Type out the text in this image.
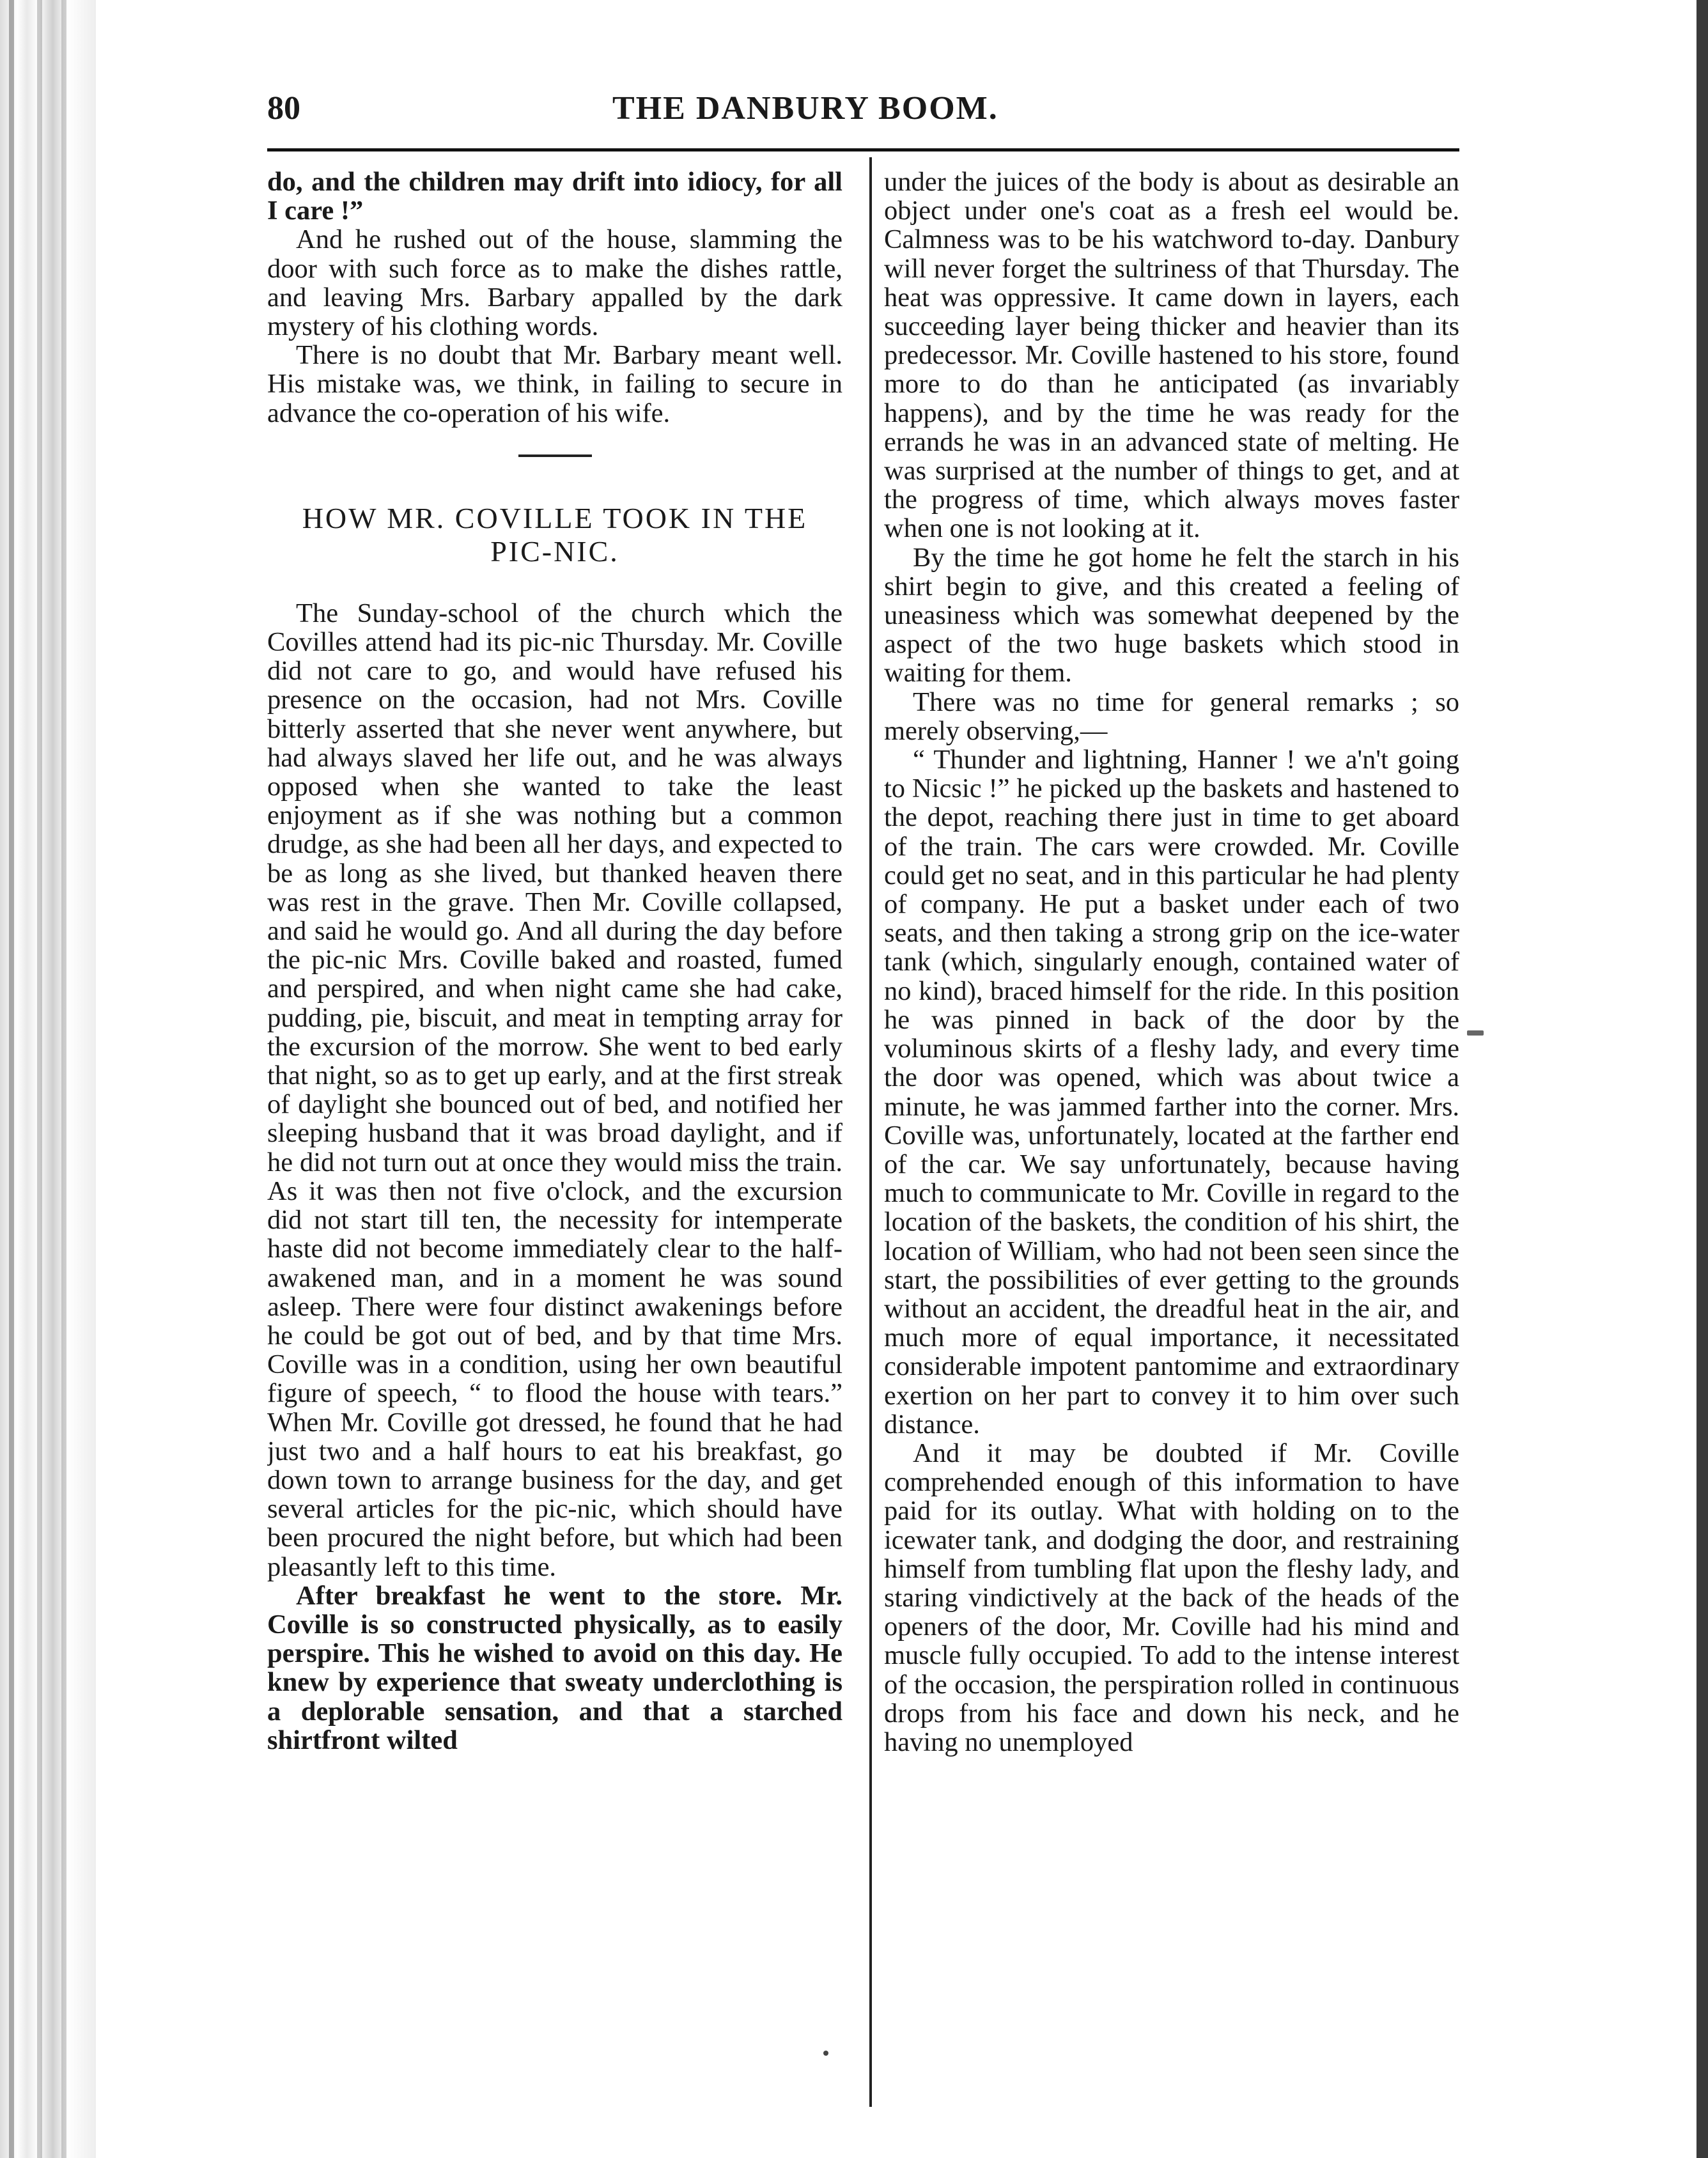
80	THE DANBURY BOOM.

do, and the children may drift into idiocy, for all I care !”

And he rushed out of the house, slamming the door with such force as to make the dishes rattle, and leaving Mrs. Barbary appalled by the dark mystery of his clothing words.

There is no doubt that Mr. Barbary meant well. His mistake was, we think, in failing to secure in advance the co-operation of his wife.

HOW MR. COVILLE TOOK IN THE PIC-NIC.

The Sunday-school of the church which the Covilles attend had its pic-nic Thursday. Mr. Coville did not care to go, and would have refused his presence on the occasion, had not Mrs. Coville bitterly asserted that she never went anywhere, but had always slaved her life out, and he was always opposed when she wanted to take the least enjoyment as if she was nothing but a common drudge, as she had been all her days, and expected to be as long as she lived, but thanked heaven there was rest in the grave. Then Mr. Coville collapsed, and said he would go. And all during the day before the pic-nic Mrs. Coville baked and roasted, fumed and perspired, and when night came she had cake, pudding, pie, biscuit, and meat in tempting array for the excursion of the morrow. She went to bed early that night, so as to get up early, and at the first streak of daylight she bounced out of bed, and notified her sleeping husband that it was broad daylight, and if he did not turn out at once they would miss the train. As it was then not five o'clock, and the excursion did not start till ten, the necessity for intemperate haste did not become immediately clear to the half-awakened man, and in a moment he was sound asleep. There were four distinct awakenings before he could be got out of bed, and by that time Mrs. Coville was in a condition, using her own beautiful figure of speech, “ to flood the house with tears.” When Mr. Coville got dressed, he found that he had just two and a half hours to eat his breakfast, go down town to arrange business for the day, and get several articles for the pic-nic, which should have been procured the night before, but which had been pleasantly left to this time.

After breakfast he went to the store. Mr. Coville is so constructed physically, as to easily perspire. This he wished to avoid on this day. He knew by experience that sweaty underclothing is a deplorable sensation, and that a starched shirtfront wilted

under the juices of the body is about as desirable an object under one's coat as a fresh eel would be. Calmness was to be his watchword to-day. Danbury will never forget the sultriness of that Thursday. The heat was oppressive. It came down in layers, each succeeding layer being thicker and heavier than its predecessor. Mr. Coville hastened to his store, found more to do than he anticipated (as invariably happens), and by the time he was ready for the errands he was in an advanced state of melting. He was surprised at the number of things to get, and at the progress of time, which always moves faster when one is not looking at it.

By the time he got home he felt the starch in his shirt begin to give, and this created a feeling of uneasiness which was somewhat deepened by the aspect of the two huge baskets which stood in waiting for them.

There was no time for general remarks ; so merely observing,—

“ Thunder and lightning, Hanner ! we a'n't going to Nicsic !” he picked up the baskets and hastened to the depot, reaching there just in time to get aboard of the train. The cars were crowded. Mr. Coville could get no seat, and in this particular he had plenty of company. He put a basket under each of two seats, and then taking a strong grip on the ice-water tank (which, singularly enough, contained water of no kind), braced himself for the ride. In this position he was pinned in back of the door by the voluminous skirts of a fleshy lady, and every time the door was opened, which was about twice a minute, he was jammed farther into the corner. Mrs. Coville was, unfortunately, located at the farther end of the car. We say unfortunately, because having much to communicate to Mr. Coville in regard to the location of the baskets, the condition of his shirt, the location of William, who had not been seen since the start, the possibilities of ever getting to the grounds without an accident, the dreadful heat in the air, and much more of equal importance, it necessitated considerable impotent pantomime and extraordinary exertion on her part to convey it to him over such distance.

And it may be doubted if Mr. Coville comprehended enough of this information to have paid for its outlay. What with holding on to the icewater tank, and dodging the door, and restraining himself from tumbling flat upon the fleshy lady, and staring vindictively at the back of the heads of the openers of the door, Mr. Coville had his mind and muscle fully occupied. To add to the intense interest of the occasion, the perspiration rolled in continuous drops from his face and down his neck, and he having no unemployed
